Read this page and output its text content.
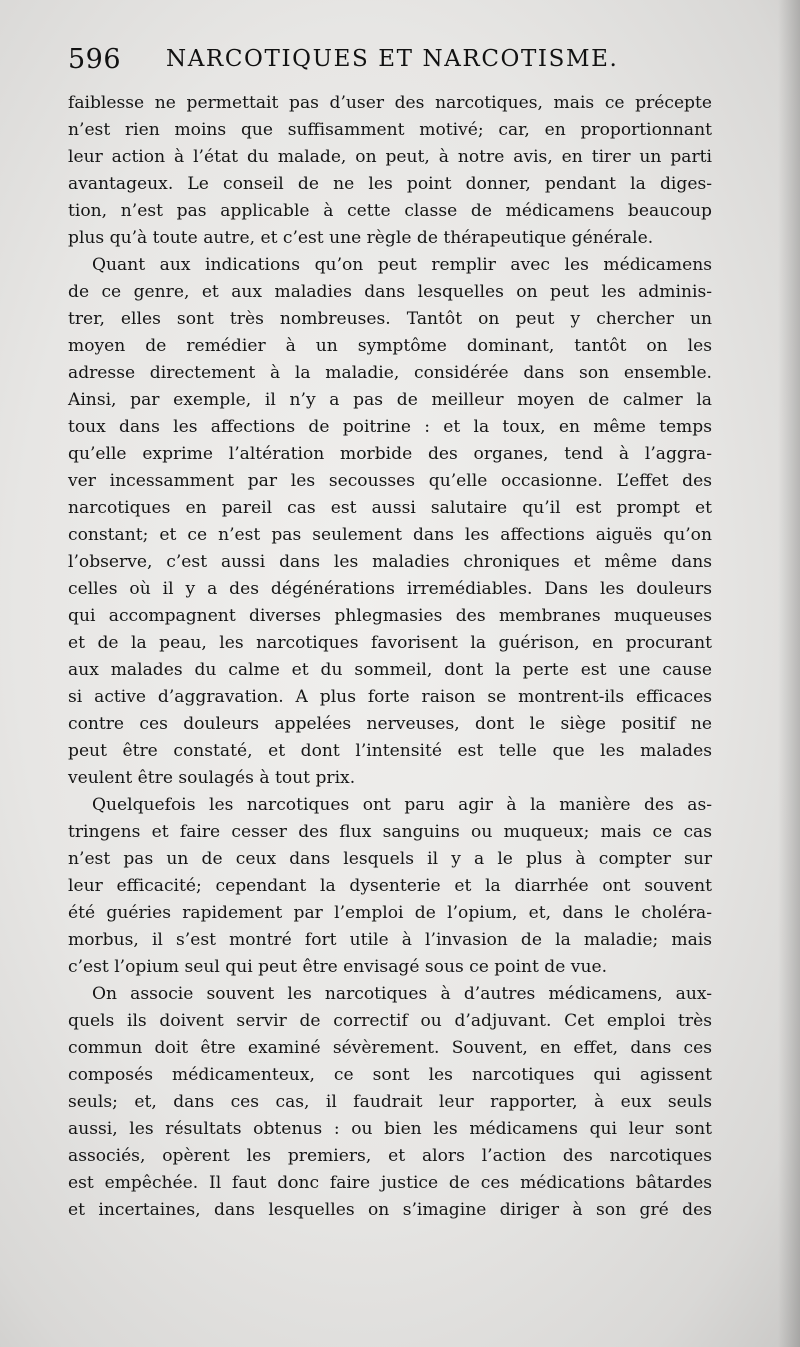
596 NARCOTIQUES ET NARCOTISME.
faiblesse ne permettait pas d’user des narcotiques, mais ce précepte
n’est rien moins que suffisamment motivé; car, en proportionnant
leur action à l’état du malade, on peut, à notre avis, en tirer un parti
avantageux. Le conseil de ne les point donner, pendant la diges-
tion, n’est pas applicable à cette classe de médicamens beaucoup
plus qu’à toute autre, et c’est une règle de thérapeutique générale.
Quant aux indications qu’on peut remplir avec les médicamens
de ce genre, et aux maladies dans lesquelles on peut les adminis-
trer, elles sont très nombreuses. Tantôt on peut y chercher un
moyen de remédier à un symptôme dominant, tantôt on les
adresse directement à la maladie, considérée dans son ensemble.
Ainsi, par exemple, il n’y a pas de meilleur moyen de calmer la
toux dans les affections de poitrine : et la toux, en même temps
qu’elle exprime l’altération morbide des organes, tend à l’aggra-
ver incessamment par les secousses qu’elle occasionne. L’effet des
narcotiques en pareil cas est aussi salutaire qu’il est prompt et
constant; et ce n’est pas seulement dans les affections aiguës qu’on
l’observe, c’est aussi dans les maladies chroniques et même dans
celles où il y a des dégénérations irremédiables. Dans les douleurs
qui accompagnent diverses phlegmasies des membranes muqueuses
et de la peau, les narcotiques favorisent la guérison, en procurant
aux malades du calme et du sommeil, dont la perte est une cause
si active d’aggravation. A plus forte raison se montrent-ils efficaces
contre ces douleurs appelées nerveuses, dont le siège positif ne
peut être constaté, et dont l’intensité est telle que les malades
veulent être soulagés à tout prix.
Quelquefois les narcotiques ont paru agir à la manière des as-
tringens et faire cesser des flux sanguins ou muqueux; mais ce cas
n’est pas un de ceux dans lesquels il y a le plus à compter sur
leur efficacité; cependant la dysenterie et la diarrhée ont souvent
été guéries rapidement par l’emploi de l’opium, et, dans le choléra-
morbus, il s’est montré fort utile à l’invasion de la maladie; mais
c’est l’opium seul qui peut être envisagé sous ce point de vue.
On associe souvent les narcotiques à d’autres médicamens, aux-
quels ils doivent servir de correctif ou d’adjuvant. Cet emploi très
commun doit être examiné sévèrement. Souvent, en effet, dans ces
composés médicamenteux, ce sont les narcotiques qui agissent
seuls; et, dans ces cas, il faudrait leur rapporter, à eux seuls
aussi, les résultats obtenus : ou bien les médicamens qui leur sont
associés, opèrent les premiers, et alors l’action des narcotiques
est empêchée. Il faut donc faire justice de ces médications bâtardes
et incertaines, dans lesquelles on s’imagine diriger à son gré des
